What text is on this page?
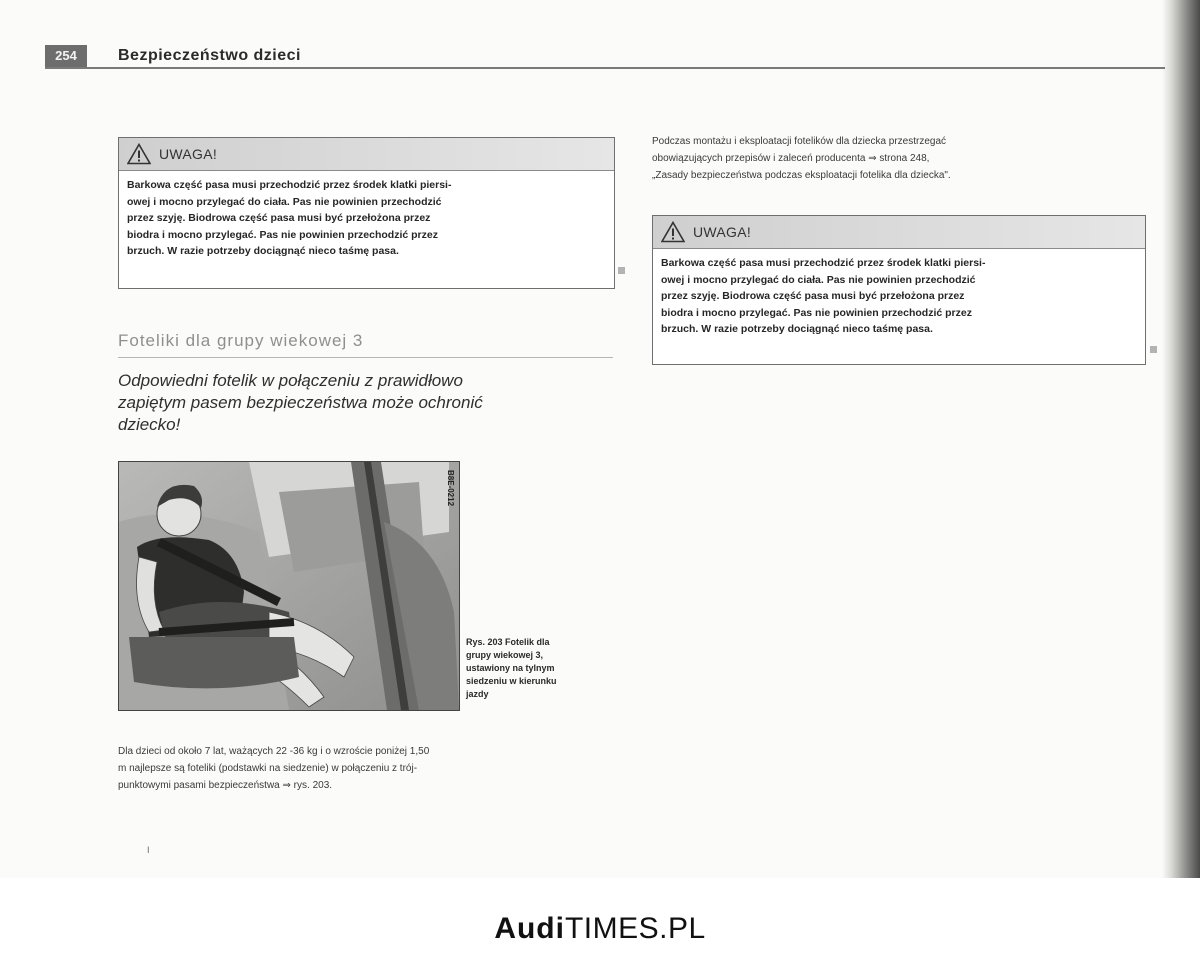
254	Bezpieczeństwo dzieci
UWAGA!
Barkowa część pasa musi przechodzić przez środek klatki piersi-
owej i mocno przylegać do ciała. Pas nie powinien przechodzić
przez szyję. Biodrowa część pasa musi być przełożona przez
biodra i mocno przylegać. Pas nie powinien przechodzić przez
brzuch. W razie potrzeby dociągnąć nieco taśmę pasa.
Foteliki dla grupy wiekowej 3
Odpowiedni fotelik w połączeniu z prawidłowo
zapiętym pasem bezpieczeństwa może ochronić
dziecko!
B8E-0212
Rys. 203 Fotelik dla
grupy wiekowej 3,
ustawiony na tylnym
siedzeniu w kierunku
jazdy
Dla dzieci od około 7 lat, ważących 22 -36 kg i o wzroście poniżej 1,50
m najlepsze są foteliki (podstawki na siedzenie) w połączeniu z trój-
punktowymi pasami bezpieczeństwa ⇒ rys. 203.
I
Podczas montażu i eksploatacji fotelików dla dziecka przestrzegać
obowiązujących przepisów i zaleceń producenta ⇒ strona 248,
„Zasady bezpieczeństwa podczas eksploatacji fotelika dla dziecka".
UWAGA!
Barkowa część pasa musi przechodzić przez środek klatki piersi-
owej i mocno przylegać do ciała. Pas nie powinien przechodzić
przez szyję. Biodrowa część pasa musi być przełożona przez
biodra i mocno przylegać. Pas nie powinien przechodzić przez
brzuch. W razie potrzeby dociągnąć nieco taśmę pasa.
AudiTIMES.PL
